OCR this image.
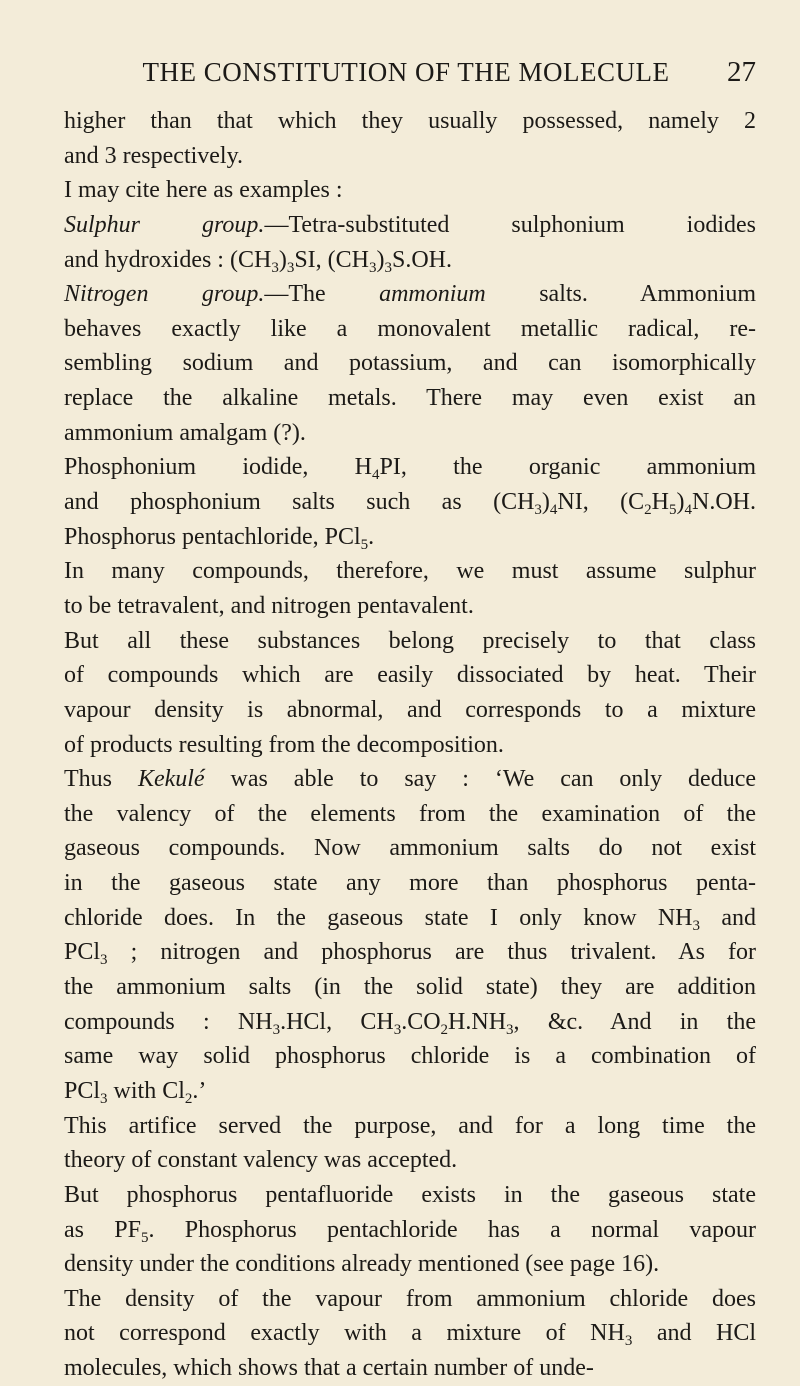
THE CONSTITUTION OF THE MOLECULE	27
higher than that which they usually possessed, namely 2
and 3 respectively.
I may cite here as examples :
Sulphur group.—Tetra-substituted sulphonium iodides
and hydroxides : $(CH_3)_3SI$, $(CH_3)_3S.OH$.
Nitrogen group.—The ammonium salts. Ammonium
behaves exactly like a monovalent metallic radical, re-
sembling sodium and potassium, and can isomorphically
replace the alkaline metals. There may even exist an
ammonium amalgam (?).
Phosphonium iodide, $H_4PI$, the organic ammonium
and phosphonium salts such as $(CH_3)_4NI$, $(C_2H_5)_4N.OH$.
Phosphorus pentachloride, PCl$_5$.
In many compounds, therefore, we must assume sulphur
to be tetravalent, and nitrogen pentavalent.
But all these substances belong precisely to that class
of compounds which are easily dissociated by heat. Their
vapour density is abnormal, and corresponds to a mixture
of products resulting from the decomposition.
Thus Kekulé was able to say : ‘We can only deduce
the valency of the elements from the examination of the
gaseous compounds. Now ammonium salts do not exist
in the gaseous state any more than phosphorus penta-
chloride does. In the gaseous state I only know $NH_3$ and
PCl$_3$ ; nitrogen and phosphorus are thus trivalent. As for
the ammonium salts (in the solid state) they are addition
compounds : $NH_3.HCl$, $CH_3.CO_2H.NH_3$, &c. And in the
same way solid phosphorus chloride is a combination of
PCl$_3$ with $Cl_2$.’
This artifice served the purpose, and for a long time the
theory of constant valency was accepted.
But phosphorus pentafluoride exists in the gaseous state
as $PF_5$. Phosphorus pentachloride has a normal vapour
density under the conditions already mentioned (see page 16).
The density of the vapour from ammonium chloride does
not correspond exactly with a mixture of $NH_3$ and HCl
molecules, which shows that a certain number of unde-
